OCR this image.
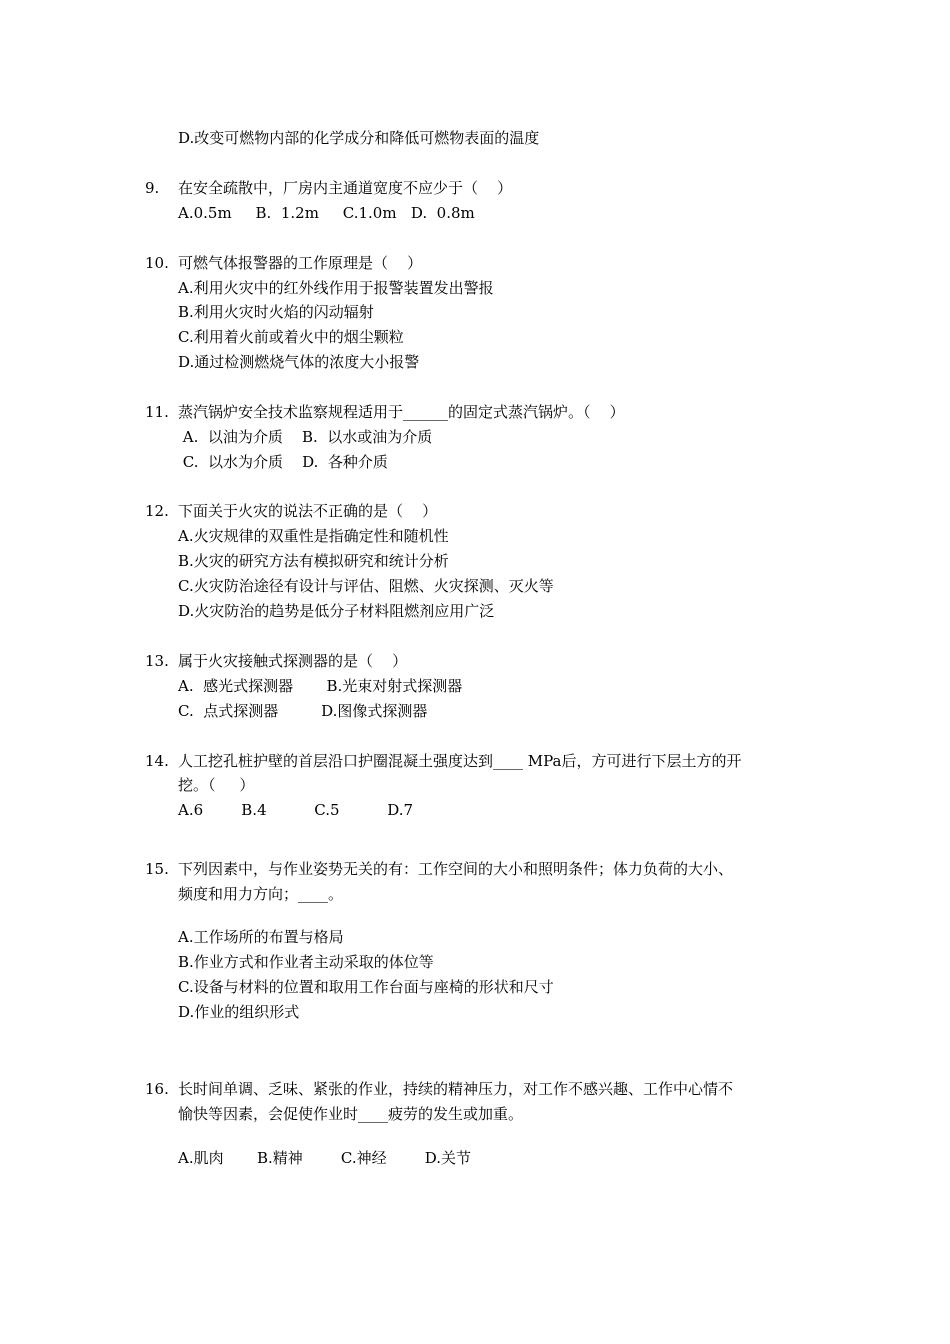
D.改变可燃物内部的化学成分和降低可燃物表面的温度
9. 在安全疏散中，厂房内主通道宽度不应少于（    ）
A.0.5m     B.  1.2m     C.1.0m   D.  0.8m
10. 可燃气体报警器的工作原理是（    ）
A.利用火灾中的红外线作用于报警装置发出警报
B.利用火灾时火焰的闪动辐射
C.利用着火前或着火中的烟尘颗粒
D.通过检测燃烧气体的浓度大小报警
11. 蒸汽锅炉安全技术监察规程适用于______的固定式蒸汽锅炉。（    ）
A.  以油为介质    B.  以水或油为介质
C.  以水为介质    D.  各种介质
12. 下面关于火灾的说法不正确的是（    ）
A.火灾规律的双重性是指确定性和随机性
B.火灾的研究方法有模拟研究和统计分析
C.火灾防治途径有设计与评估、阻燃、火灾探测、灭火等
D.火灾防治的趋势是低分子材料阻燃剂应用广泛
13. 属于火灾接触式探测器的是（    ）
A.  感光式探测器       B.光束对射式探测器
C.  点式探测器         D.图像式探测器
14. 人工挖孔桩护壁的首层沿口护圈混凝土强度达到____ MPa后，方可进行下层土方的开
挖。（     ）
A.6        B.4          C.5          D.7
15. 下列因素中，与作业姿势无关的有：工作空间的大小和照明条件；体力负荷的大小、
频度和用力方向；____。
A.工作场所的布置与格局
B.作业方式和作业者主动采取的体位等
C.设备与材料的位置和取用工作台面与座椅的形状和尺寸
D.作业的组织形式
16. 长时间单调、乏味、紧张的作业，持续的精神压力，对工作不感兴趣、工作中心情不
愉快等因素，会促使作业时____疲劳的发生或加重。
A.肌肉       B.精神        C.神经        D.关节
